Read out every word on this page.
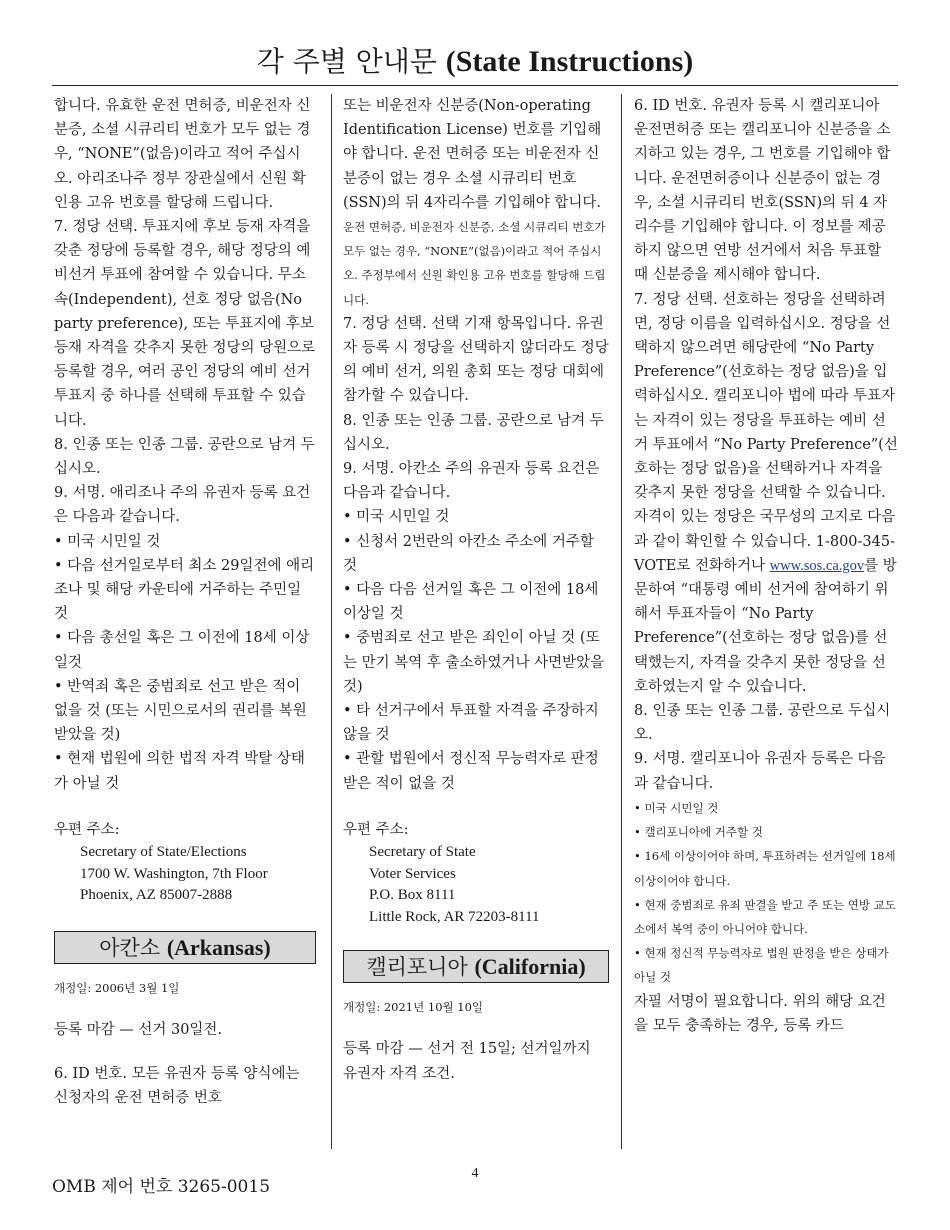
각 주별 안내문 (State Instructions)

합니다. 유효한 운전 면허증, 비운전자 신분증, 소셜 시큐리티 번호가 모두 없는 경우, “NONE”(없음)이라고 적어 주십시오. 아리조나주 정부 장관실에서 신원 확인용 고유 번호를 할당해 드립니다.

7. 정당 선택. 투표지에 후보 등재 자격을 갖춘 정당에 등록할 경우, 해당 정당의 예비선거 투표에 참여할 수 있습니다. 무소속(Independent), 선호 정당 없음(No party preference), 또는 투표지에 후보 등재 자격을 갖추지 못한 정당의 당원으로 등록할 경우, 여러 공인 정당의 예비 선거 투표지 중 하나를 선택해 투표할 수 있습니다.

8. 인종 또는 인종 그룹. 공란으로 남겨 두십시오.

9. 서명. 애리조나 주의 유권자 등록 요건은 다음과 같습니다.

• 미국 시민일 것

• 다음 선거일로부터 최소 29일전에 애리조나 및 해당 카운티에 거주하는 주민일 것

• 다음 총선일 혹은 그 이전에 18세 이상일것

• 반역죄 혹은 중범죄로 선고 받은 적이 없을 것 (또는 시민으로서의 권리를 복원 받았을 것)

• 현재 법원에 의한 법적 자격 박탈 상태가 아닐 것

우편 주소:

Secretary of State/Elections
1700 W. Washington, 7th Floor
Phoenix, AZ 85007-2888
아칸소 (Arkansas)

개정일: 2006년 3월 1일

등록 마감 — 선거 30일전.

6. ID 번호. 모든 유권자 등록 양식에는 신청자의 운전 면허증 번호

또는 비운전자 신분증(Non-operating Identification License) 번호를 기입해야 합니다. 운전 면허증 또는 비운전자 신분증이 없는 경우 소셜 시큐리티 번호(SSN)의 뒤 4자리수를 기입해야 합니다. 운전 면허증, 비운전자 신분증, 소셜 시큐리티 번호가 모두 없는 경우, “NONE”(없음)이라고 적어 주십시오. 주정부에서 신원 확인용 고유 번호를 할당해 드립니다.

7. 정당 선택. 선택 기재 항목입니다. 유권자 등록 시 정당을 선택하지 않더라도 정당의 예비 선거, 의원 총회 또는 정당 대회에 참가할 수 있습니다.

8. 인종 또는 인종 그룹. 공란으로 남겨 두십시오.

9. 서명. 아칸소 주의 유권자 등록 요건은 다음과 같습니다.

• 미국 시민일 것

• 신청서 2번란의 아칸소 주소에 거주할 것

• 다음 다음 선거일 혹은 그 이전에 18세 이상일 것

• 중범죄로 선고 받은 죄인이 아닐 것 (또는 만기 복역 후 출소하였거나 사면받았을 것)

• 타 선거구에서 투표할 자격을 주장하지 않을 것

• 관할 법원에서 정신적 무능력자로 판정받은 적이 없을 것

우편 주소:

Secretary of State
Voter Services
P.O. Box 8111
Little Rock, AR 72203-8111
캘리포니아 (California)

개정일: 2021년 10월 10일

등록 마감 — 선거 전 15일; 선거일까지 유권자 자격 조건.

6. ID 번호. 유권자 등록 시 캘리포니아 운전면허증 또는 캘리포니아 신분증을 소지하고 있는 경우, 그 번호를 기입해야 합니다. 운전면허증이나 신분증이 없는 경우, 소셜 시큐리티 번호(SSN)의 뒤 4 자리수를 기입해야 합니다. 이 정보를 제공하지 않으면 연방 선거에서 처음 투표할 때 신분증을 제시해야 합니다.

7. 정당 선택. 선호하는 정당을 선택하려면, 정당 이름을 입력하십시오. 정당을 선택하지 않으려면 해당란에 “No Party Preference”(선호하는 정당 없음)을 입력하십시오. 캘리포니아 법에 따라 투표자는 자격이 있는 정당을 투표하는 예비 선거 투표에서 “No Party Preference”(선호하는 정당 없음)을 선택하거나 자격을 갖추지 못한 정당을 선택할 수 있습니다. 자격이 있는 정당은 국무성의 고지로 다음과 같이 확인할 수 있습니다. 1-800-345-VOTE로 전화하거나 www.sos.ca.gov를 방문하여 “대통령 예비 선거에 참여하기 위해서 투표자들이 “No Party Preference”(선호하는 정당 없음)를 선택했는지, 자격을 갖추지 못한 정당을 선호하였는지 알 수 있습니다.

8. 인종 또는 인종 그룹. 공란으로 두십시오.

9. 서명. 캘리포니아 유권자 등록은 다음과 같습니다.

• 미국 시민일 것

• 캘리포니아에 거주할 것

• 16세 이상이어야 하며, 투표하려는 선거일에 18세 이상이어야 합니다.

• 현재 중범죄로 유죄 판결을 받고 주 또는 연방 교도소에서 복역 중이 아니어야 합니다.

• 현재 정신적 무능력자로 법원 판정을 받은 상태가 아닐 것

자필 서명이 필요합니다. 위의 해당 요건을 모두 충족하는 경우, 등록 카드

OMB 제어 번호 3265-0015
4
